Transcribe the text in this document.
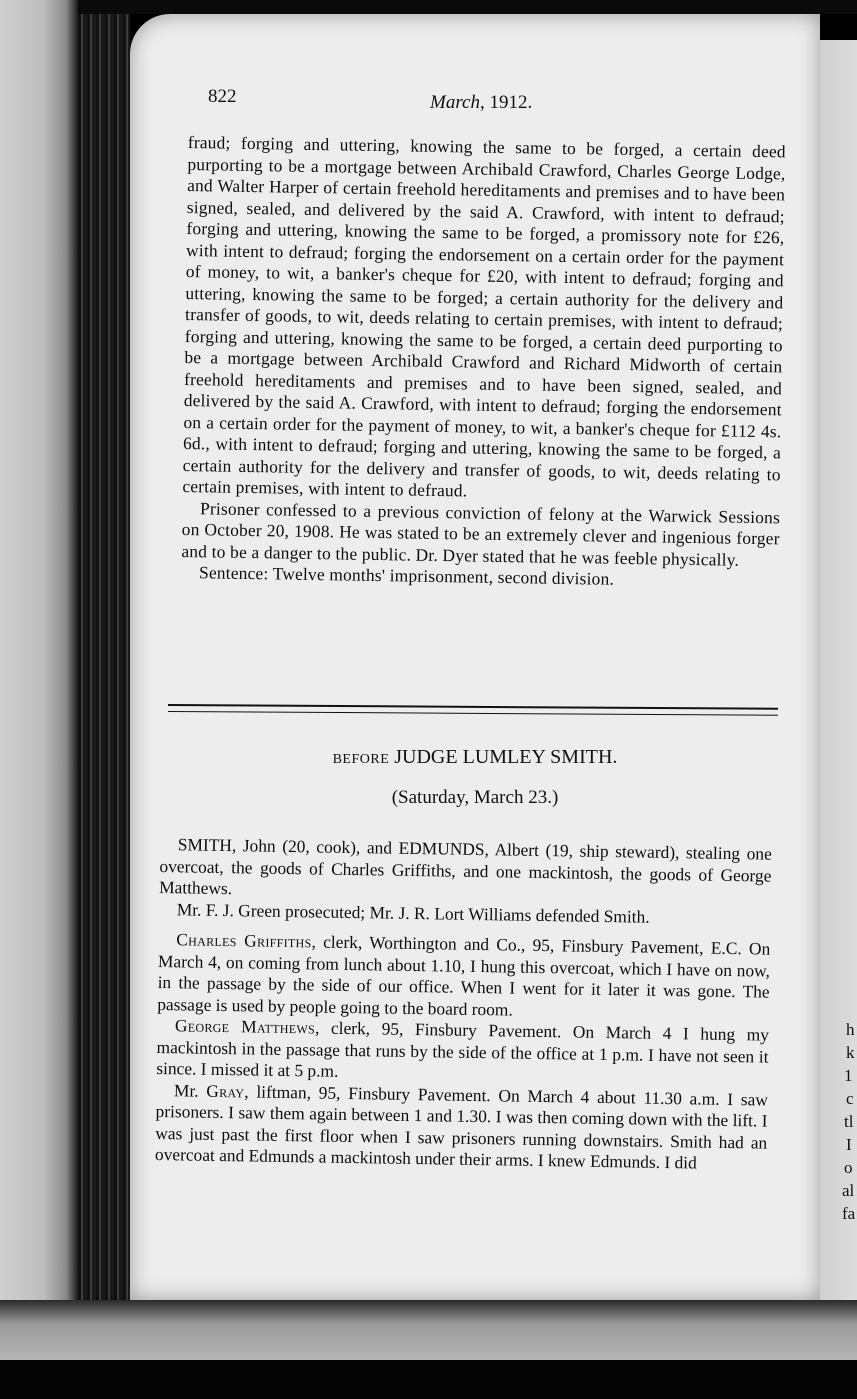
h
k
1
c
tl
I
o
al
fa
822	March, 1912.

fraud; forging and uttering, knowing the same to be forged, a certain deed purporting to be a mortgage between Archibald Crawford, Charles George Lodge, and Walter Harper of certain freehold hereditaments and premises and to have been signed, sealed, and delivered by the said A. Crawford, with intent to defraud; forging and uttering, knowing the same to be forged, a promissory note for £26, with intent to defraud; forging the endorsement on a certain order for the payment of money, to wit, a banker's cheque for £20, with intent to defraud; forging and uttering, knowing the same to be forged; a certain authority for the delivery and transfer of goods, to wit, deeds relating to certain premises, with intent to defraud; forging and uttering, knowing the same to be forged, a certain deed purporting to be a mortgage between Archibald Crawford and Richard Midworth of certain freehold hereditaments and premises and to have been signed, sealed, and delivered by the said A. Crawford, with intent to defraud; forging the endorsement on a certain order for the payment of money, to wit, a banker's cheque for £112 4s. 6d., with intent to defraud; forging and uttering, knowing the same to be forged, a certain authority for the delivery and transfer of goods, to wit, deeds relating to certain premises, with intent to defraud.

Prisoner confessed to a previous conviction of felony at the Warwick Sessions on October 20, 1908. He was stated to be an extremely clever and ingenious forger and to be a danger to the public. Dr. Dyer stated that he was feeble physically.

Sentence: Twelve months' imprisonment, second division.

BEFORE JUDGE LUMLEY SMITH.
(Saturday, March 23.)

SMITH, John (20, cook), and EDMUNDS, Albert (19, ship steward), stealing one overcoat, the goods of Charles Griffiths, and one mackintosh, the goods of George Matthews.

Mr. F. J. Green prosecuted; Mr. J. R. Lort Williams defended Smith.

Charles Griffiths, clerk, Worthington and Co., 95, Finsbury Pavement, E.C. On March 4, on coming from lunch about 1.10, I hung this overcoat, which I have on now, in the passage by the side of our office. When I went for it later it was gone. The passage is used by people going to the board room.

George Matthews, clerk, 95, Finsbury Pavement. On March 4 I hung my mackintosh in the passage that runs by the side of the office at 1 p.m. I have not seen it since. I missed it at 5 p.m.

Mr. Gray, liftman, 95, Finsbury Pavement. On March 4 about 11.30 a.m. I saw prisoners. I saw them again between 1 and 1.30. I was then coming down with the lift. I was just past the first floor when I saw prisoners running downstairs. Smith had an overcoat and Edmunds a mackintosh under their arms. I knew Edmunds. I did
